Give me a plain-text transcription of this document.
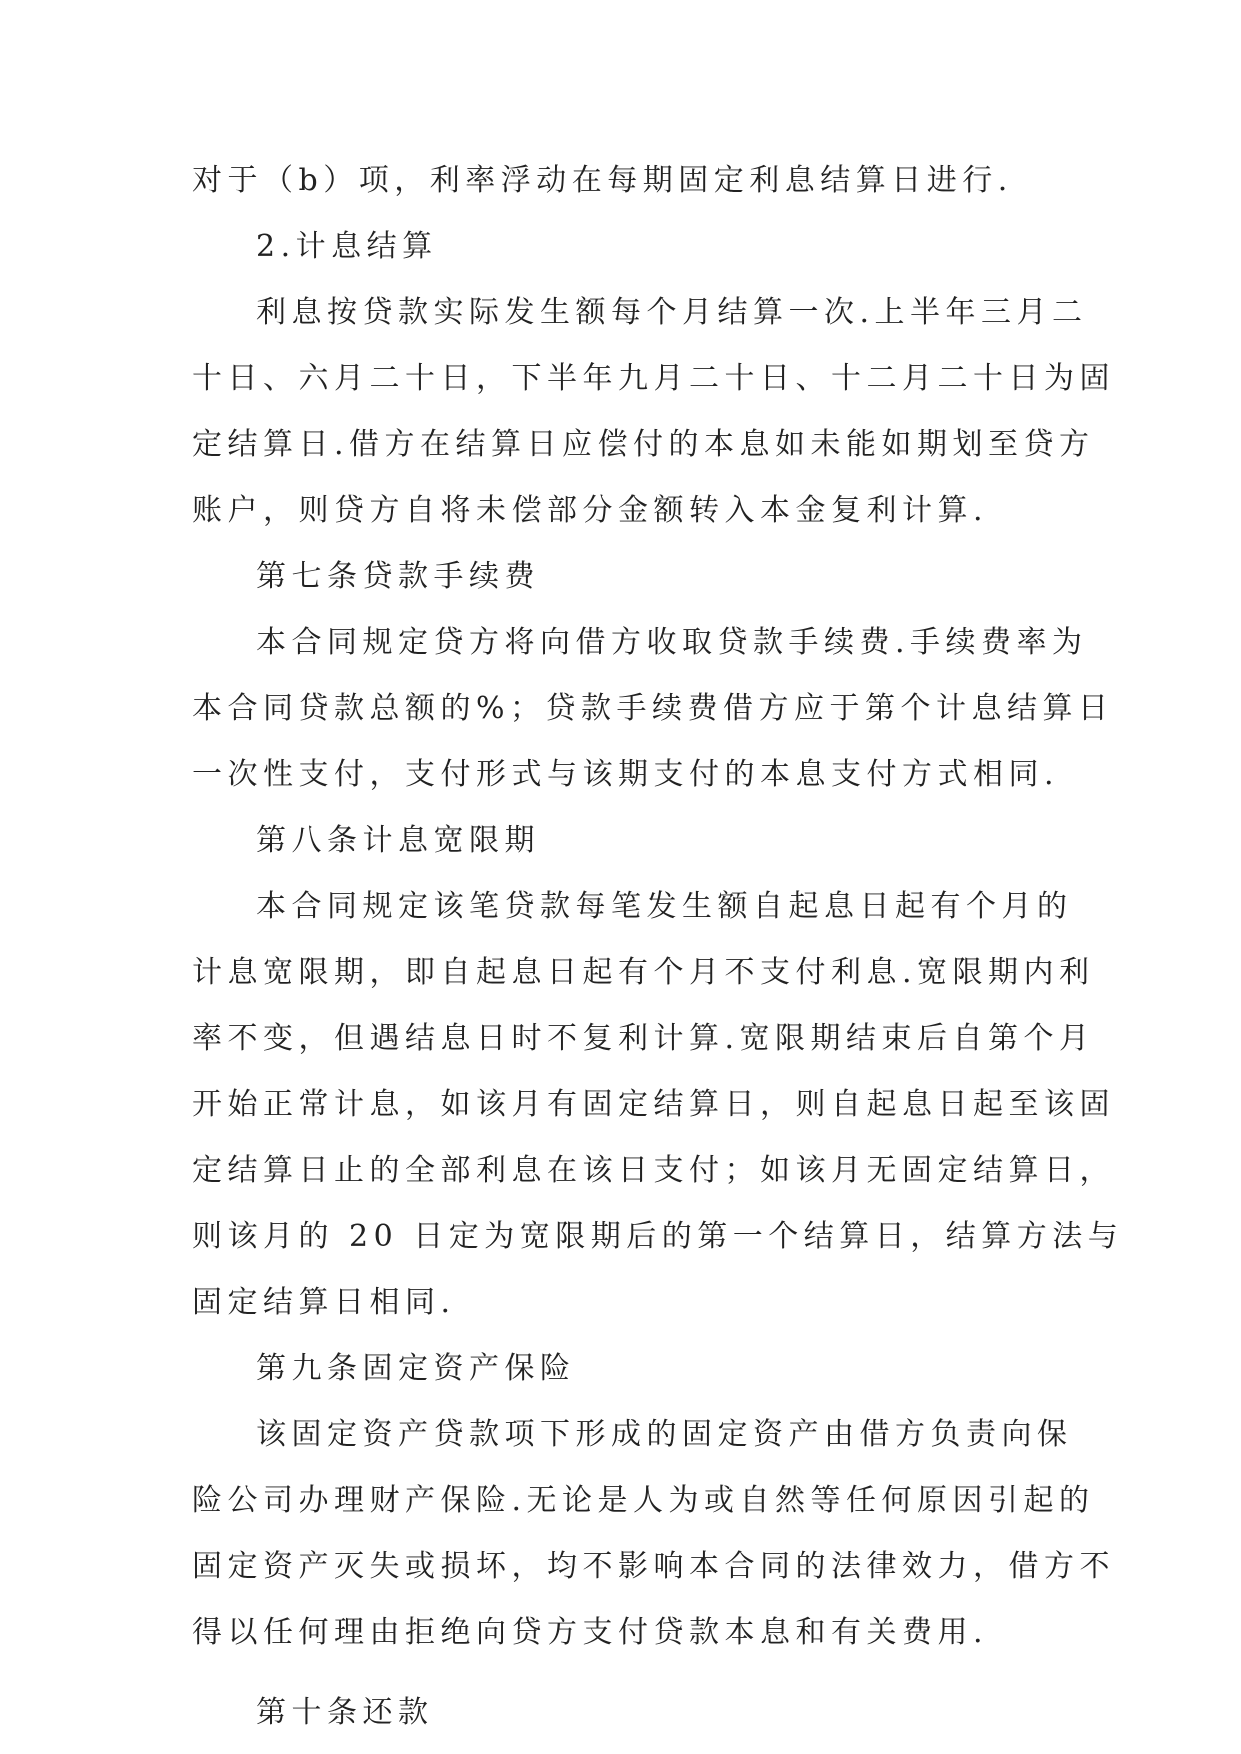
对于（b）项，利率浮动在每期固定利息结算日进行.

2.计息结算

利息按贷款实际发生额每个月结算一次.上半年三月二

十日、六月二十日，下半年九月二十日、十二月二十日为固

定结算日.借方在结算日应偿付的本息如未能如期划至贷方

账户，则贷方自将未偿部分金额转入本金复利计算.

第七条贷款手续费

本合同规定贷方将向借方收取贷款手续费.手续费率为

本合同贷款总额的%；贷款手续费借方应于第个计息结算日

一次性支付，支付形式与该期支付的本息支付方式相同.

第八条计息宽限期

本合同规定该笔贷款每笔发生额自起息日起有个月的

计息宽限期，即自起息日起有个月不支付利息.宽限期内利

率不变，但遇结息日时不复利计算.宽限期结束后自第个月

开始正常计息，如该月有固定结算日，则自起息日起至该固

定结算日止的全部利息在该日支付；如该月无固定结算日，

则该月的 20 日定为宽限期后的第一个结算日，结算方法与

固定结算日相同.

第九条固定资产保险

该固定资产贷款项下形成的固定资产由借方负责向保

险公司办理财产保险.无论是人为或自然等任何原因引起的

固定资产灭失或损坏，均不影响本合同的法律效力，借方不

得以任何理由拒绝向贷方支付贷款本息和有关费用.

第十条还款
